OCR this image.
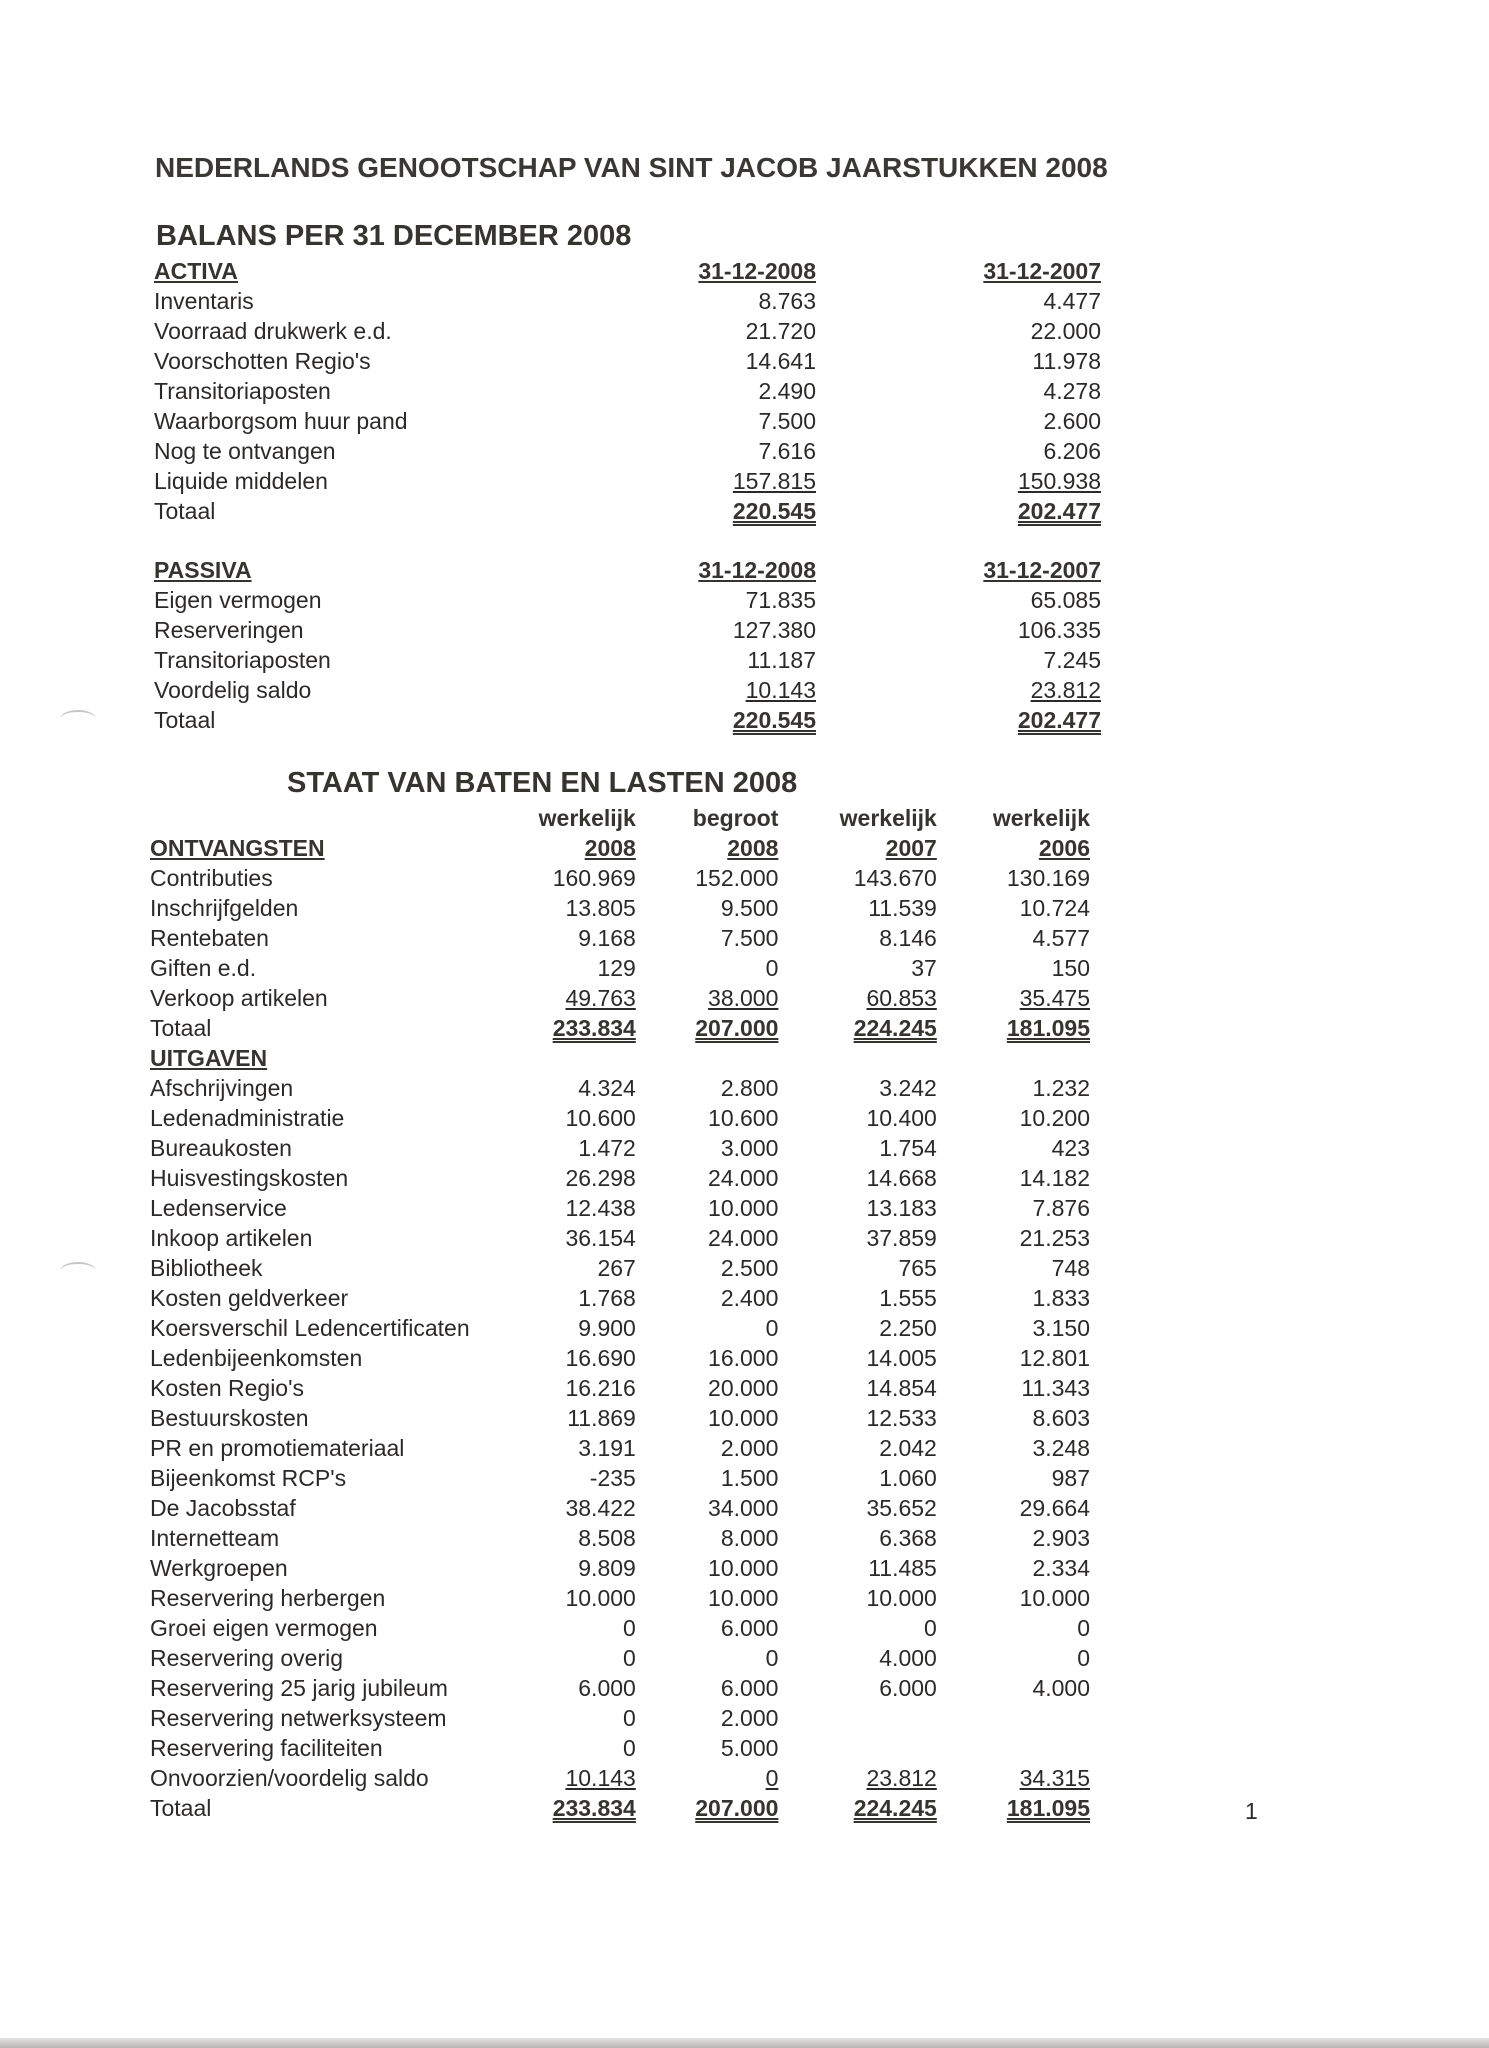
NEDERLANDS GENOOTSCHAP VAN SINT JACOB JAARSTUKKEN 2008
BALANS PER 31 DECEMBER 2008
ACTIVA	31-12-2008	31-12-2007
Inventaris	8.763	4.477
Voorraad drukwerk e.d.	21.720	22.000
Voorschotten Regio's	14.641	11.978
Transitoriaposten	2.490	4.278
Waarborgsom huur pand	7.500	2.600
Nog te ontvangen	7.616	6.206
Liquide middelen	157.815	150.938
Totaal	220.545	202.477
PASSIVA	31-12-2008	31-12-2007
Eigen vermogen	71.835	65.085
Reserveringen	127.380	106.335
Transitoriaposten	11.187	7.245
Voordelig saldo	10.143	23.812
Totaal	220.545	202.477
STAAT VAN BATEN EN LASTEN 2008
	werkelijk	begroot	werkelijk	werkelijk
ONTVANGSTEN	2008	2008	2007	2006
Contributies	160.969	152.000	143.670	130.169
Inschrijfgelden	13.805	9.500	11.539	10.724
Rentebaten	9.168	7.500	8.146	4.577
Giften e.d.	129	0	37	150
Verkoop artikelen	49.763	38.000	60.853	35.475
Totaal	233.834	207.000	224.245	181.095
UITGAVEN				
Afschrijvingen	4.324	2.800	3.242	1.232
Ledenadministratie	10.600	10.600	10.400	10.200
Bureaukosten	1.472	3.000	1.754	423
Huisvestingskosten	26.298	24.000	14.668	14.182
Ledenservice	12.438	10.000	13.183	7.876
Inkoop artikelen	36.154	24.000	37.859	21.253
Bibliotheek	267	2.500	765	748
Kosten geldverkeer	1.768	2.400	1.555	1.833
Koersverschil Ledencertificaten	9.900	0	2.250	3.150
Ledenbijeenkomsten	16.690	16.000	14.005	12.801
Kosten Regio's	16.216	20.000	14.854	11.343
Bestuurskosten	11.869	10.000	12.533	8.603
PR en promotiemateriaal	3.191	2.000	2.042	3.248
Bijeenkomst RCP's	-235	1.500	1.060	987
De Jacobsstaf	38.422	34.000	35.652	29.664
Internetteam	8.508	8.000	6.368	2.903
Werkgroepen	9.809	10.000	11.485	2.334
Reservering herbergen	10.000	10.000	10.000	10.000
Groei eigen vermogen	0	6.000	0	0
Reservering overig	0	0	4.000	0
Reservering 25 jarig jubileum	6.000	6.000	6.000	4.000
Reservering netwerksysteem	0	2.000		
Reservering faciliteiten	0	5.000		
Onvoorzien/voordelig saldo	10.143	0	23.812	34.315
Totaal	233.834	207.000	224.245	181.095	1
